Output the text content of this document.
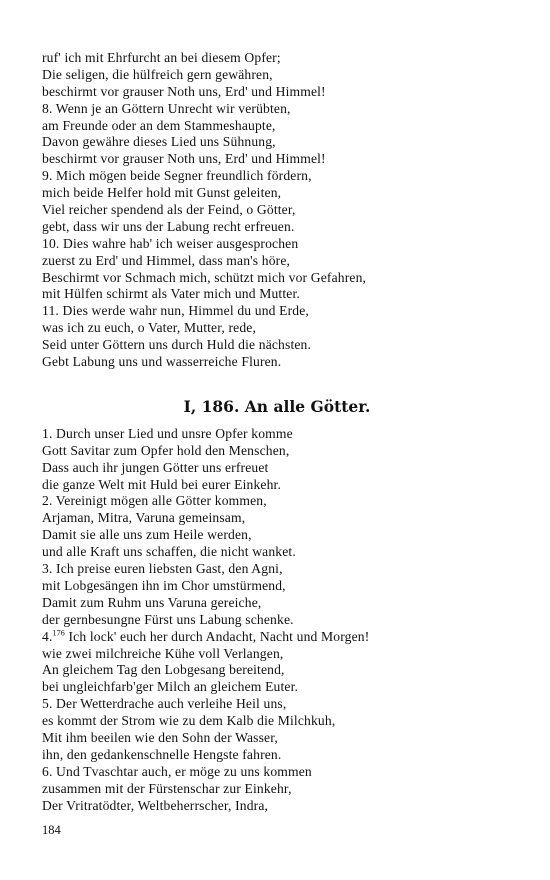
ruf' ich mit Ehrfurcht an bei diesem Opfer;
Die seligen, die hülfreich gern gewähren,
beschirmt vor grauser Noth uns, Erd' und Himmel!
8. Wenn je an Göttern Unrecht wir verübten,
am Freunde oder an dem Stammeshaupte,
Davon gewähre dieses Lied uns Sühnung,
beschirmt vor grauser Noth uns, Erd' und Himmel!
9. Mich mögen beide Segner freundlich fördern,
mich beide Helfer hold mit Gunst geleiten,
Viel reicher spendend als der Feind, o Götter,
gebt, dass wir uns der Labung recht erfreuen.
10. Dies wahre hab' ich weiser ausgesprochen
zuerst zu Erd' und Himmel, dass man's höre,
Beschirmt vor Schmach mich, schützt mich vor Gefahren,
mit Hülfen schirmt als Vater mich und Mutter.
11. Dies werde wahr nun, Himmel du und Erde,
was ich zu euch, o Vater, Mutter, rede,
Seid unter Göttern uns durch Huld die nächsten.
Gebt Labung uns und wasserreiche Fluren.
I, 186. An alle Götter.
1. Durch unser Lied und unsre Opfer komme
Gott Savitar zum Opfer hold den Menschen,
Dass auch ihr jungen Götter uns erfreuet
die ganze Welt mit Huld bei eurer Einkehr.
2. Vereinigt mögen alle Götter kommen,
Arjaman, Mitra, Varuna gemeinsam,
Damit sie alle uns zum Heile werden,
und alle Kraft uns schaffen, die nicht wanket.
3. Ich preise euren liebsten Gast, den Agni,
mit Lobgesängen ihn im Chor umstürmend,
Damit zum Ruhm uns Varuna gereiche,
der gernbesungne Fürst uns Labung schenke.
4.$^{176}$ Ich lock' euch her durch Andacht, Nacht und Morgen!
wie zwei milchreiche Kühe voll Verlangen,
An gleichem Tag den Lobgesang bereitend,
bei ungleichfarb'ger Milch an gleichem Euter.
5. Der Wetterdrache auch verleihe Heil uns,
es kommt der Strom wie zu dem Kalb die Milchkuh,
Mit ihm beeilen wie den Sohn der Wasser,
ihn, den gedankenschnelle Hengste fahren.
6. Und Tvaschtar auch, er möge zu uns kommen
zusammen mit der Fürstenschar zur Einkehr,
Der Vritratödter, Weltbeherrscher, Indra,
184
